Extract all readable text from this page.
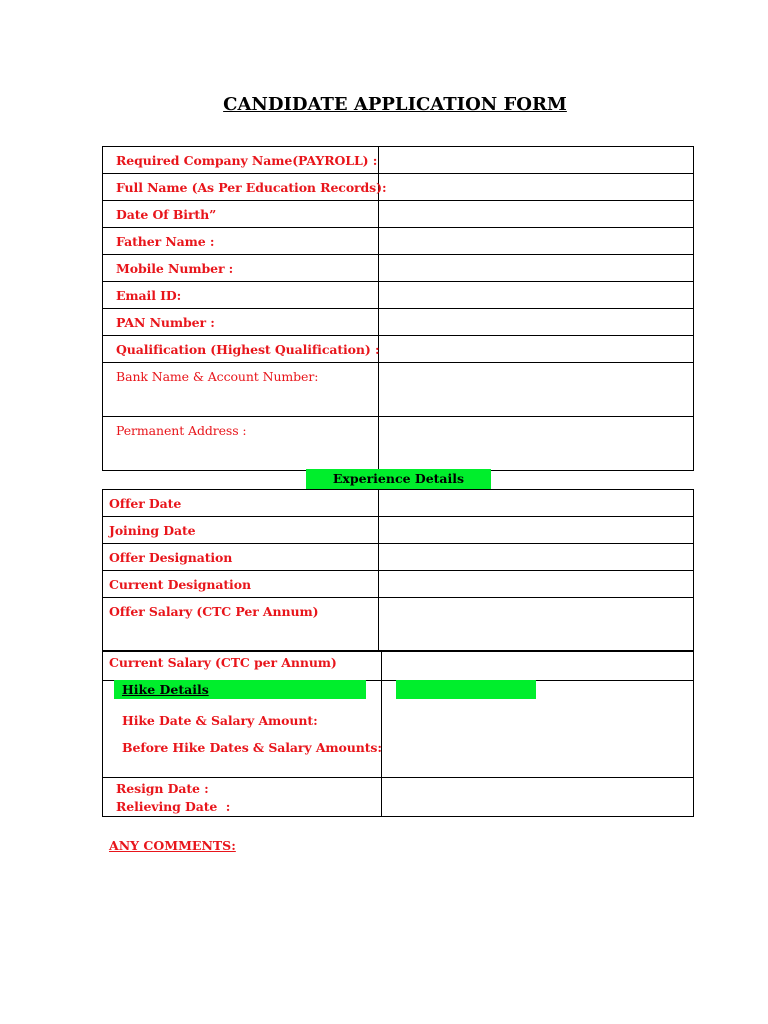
CANDIDATE APPLICATION FORM
Required Company Name(PAYROLL) :	
Full Name (As Per Education Records):	
Date Of Birth”	
Father Name :	
Mobile Number :	
Email ID:	
PAN Number :	
Qualification (Highest Qualification) :	
Bank Name & Account Number:	
Permanent Address :	
Experience Details
Offer Date	
Joining Date	
Offer Designation	
Current Designation	
Offer Salary (CTC Per Annum)	
Current Salary (CTC per Annum)	

Hike Details
Hike Date & Salary Amount:
Before Hike Dates & Salary Amounts:
Resign Date :
Relieving Date  :
ANY COMMENTS:
